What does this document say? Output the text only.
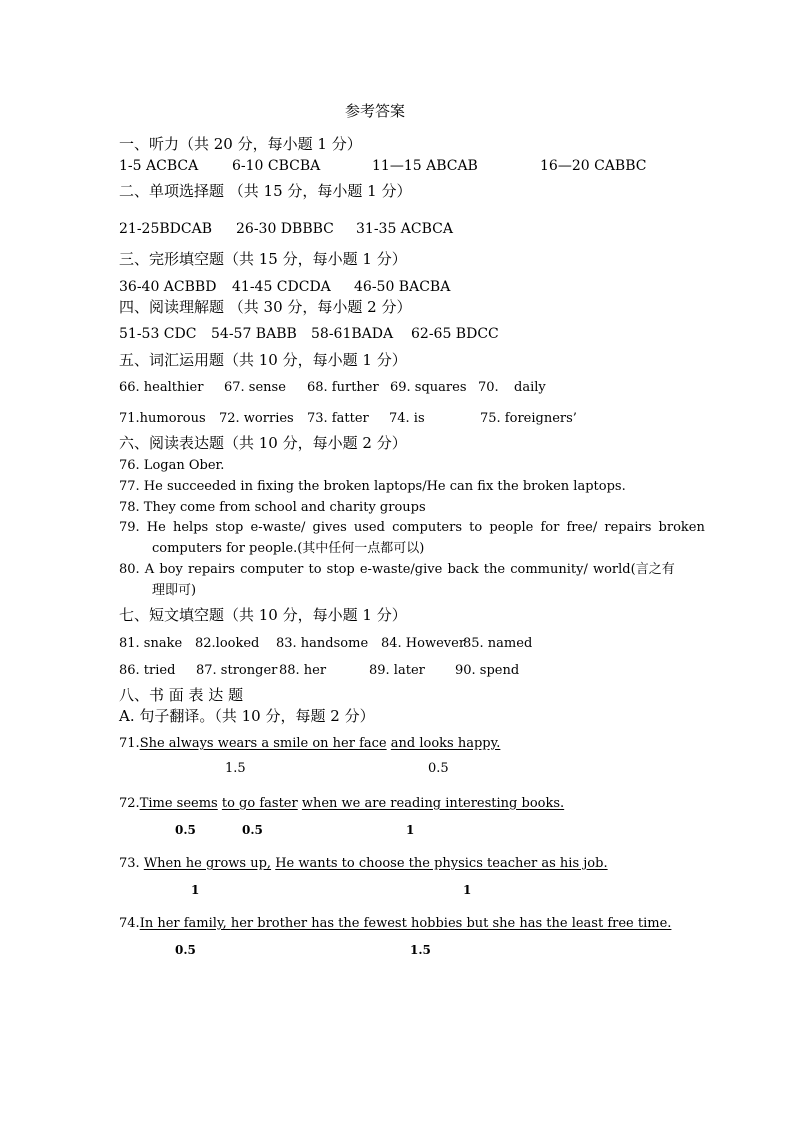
参考答案
一、听力（共 20 分，每小题 1 分）
1-5 ACBCA 6-10 CBCBA	11—15 ABCAB	16—20 CABBC
二、单项选择题 （共 15 分，每小题 1 分）
21-25BDCAB 26-30 DBBBC 31-35 ACBCA
三、完形填空题（共 15 分，每小题 1 分）
36-40 ACBBD 41-45 CDCDA 46-50 BACBA
四、阅读理解题 （共 30 分，每小题 2 分）
51-53 CDC 54-57 BABB 58-61BADA 62-65 BDCC
五、词汇运用题（共 10 分，每小题 1 分）
66. healthier 67. sense 68. further 69. squares 70. daily
71.humorous 72. worries 73. fatter 74. is	75. foreigners’
六、阅读表达题（共 10 分，每小题 2 分）
76. Logan Ober.
77. He succeeded in fixing the broken laptops/He can fix the broken laptops.
78. They come from school and charity groups
79. He helps stop e-waste/ gives used computers to people for free/ repairs broken
computers for people.(其中任何一点都可以)
80. A boy repairs computer to stop e-waste/give back the community/ world(言之有
理即可)
七、短文填空题（共 10 分，每小题 1 分）
81. snake 82.looked 83. handsome 84. However
85. named
86. tried 87. stronger 88. her	89. later 90. spend
八、书 面 表 达 题
A. 句子翻译。（共 10 分，每题 2 分）
71.She always wears a smile on her face and looks happy.
1.5	0.5
72.Time seems to go faster when we are reading interesting books.
0.5	0.5	1
73. When he grows up, He wants to choose the physics teacher as his job.
1	1
74.In her family, her brother has the fewest hobbies but she has the least free time.
0.5	1.5
